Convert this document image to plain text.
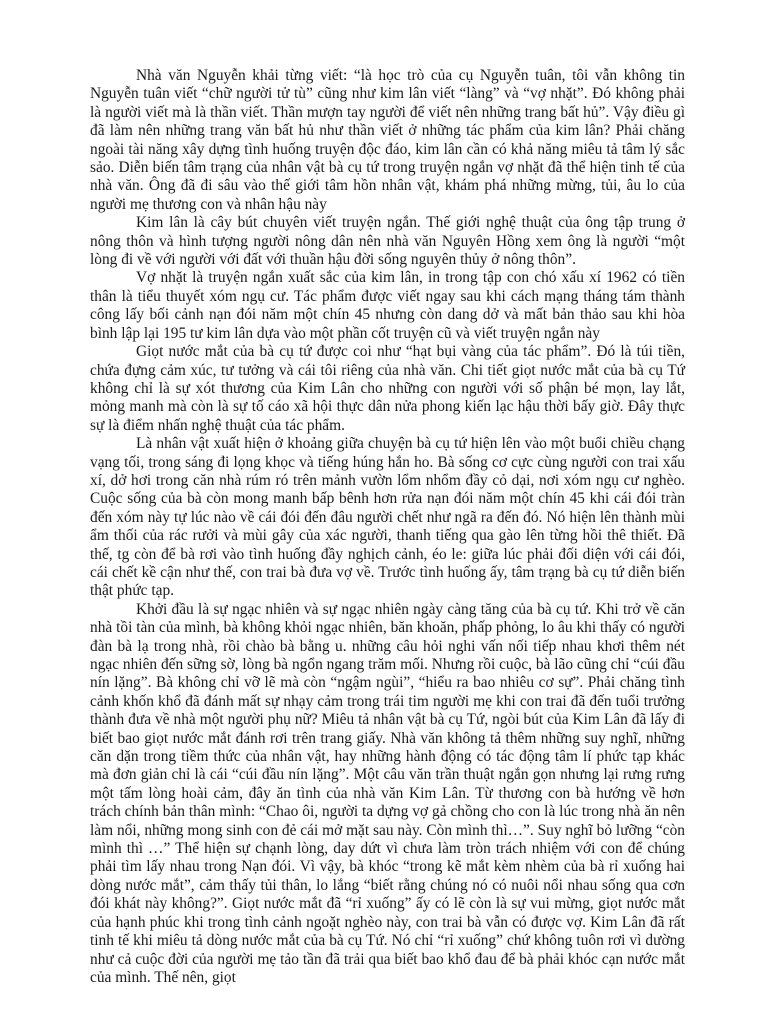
Nhà văn Nguyễn khải từng viết: “là học trò của cụ Nguyễn tuân, tôi vẫn không tin Nguyễn tuân viết “chữ người tử tù” cũng như kim lân viết “làng” và “vợ nhặt”. Đó không phải là người viết mà là thần viết. Thần mượn tay người để viết nên những trang bất hủ”. Vậy điều gì đã làm nên những trang văn bất hủ như thần viết ở những tác phẩm của kim lân? Phải chăng ngoài tài năng xây dựng tình huống truyện độc đáo, kim lân cần có khả năng miêu tả tâm lý sắc sảo. Diễn biến tâm trạng của nhân vật bà cụ tứ trong truyện ngắn vợ nhặt đã thể hiện tinh tế của nhà văn. Ông đã đi sâu vào thế giới tâm hồn nhân vật, khám phá những mừng, tủi, âu lo của người mẹ thương con và nhân hậu này

Kim lân là cây bút chuyên viết truyện ngắn. Thế giới nghệ thuật của ông tập trung ở nông thôn và hình tượng người nông dân nên nhà văn Nguyên Hồng xem ông là người “một lòng đi về với người với đất với thuần hậu đời sống nguyên thủy ở nông thôn”.

Vợ nhặt là truyện ngắn xuất sắc của kim lân, in trong tập con chó xấu xí 1962 có tiền thân là tiểu thuyết xóm ngụ cư. Tác phẩm được viết ngay sau khi cách mạng tháng tám thành công lấy bối cảnh nạn đói năm một chín 45 nhưng còn dang dở và mất bản thảo sau khi hòa bình lập lại 195 tư kim lân dựa vào một phần cốt truyện cũ và viết truyện ngắn này

Giọt nước mắt của bà cụ tứ được coi như “hạt bụi vàng của tác phẩm”. Đó là túi tiền, chứa đựng cảm xúc, tư tưởng và cái tôi riêng của nhà văn. Chi tiết giọt nước mắt của bà cụ Tứ không chỉ là sự xót thương của Kim Lân cho những con người với số phận bé mọn, lay lắt, mỏng manh mà còn là sự tố cáo xã hội thực dân nửa phong kiến lạc hậu thời bấy giờ. Đây thực sự là điểm nhấn nghệ thuật của tác phẩm.

Là nhân vật xuất hiện ở khoảng giữa chuyện bà cụ tứ hiện lên vào một buổi chiều chạng vạng tối, trong sáng đi lọng khọc và tiếng húng hắn ho. Bà sống cơ cực cùng người con trai xấu xí, dở hơi trong căn nhà rúm ró trên mảnh vườn lổm nhổm đầy cỏ dại, nơi xóm ngụ cư nghèo. Cuộc sống của bà còn mong manh bấp bênh hơn rửa nạn đói năm một chín 45 khi cái đói tràn đến xóm này tự lúc nào về cái đói đến đâu người chết như ngã ra đến đó. Nó hiện lên thành mùi ẩm thối của rác rưởi và mùi gây của xác người, thanh tiếng qua gào lên từng hồi thê thiết. Đã thế, tg còn để bà rơi vào tình huống đầy nghịch cảnh, éo le: giữa lúc phải đối diện với cái đói, cái chết kề cận như thế, con trai bà đưa vợ về. Trước tình huống ấy, tâm trạng bà cụ tứ diễn biến thật phức tạp.

Khởi đầu là sự ngạc nhiên và sự ngạc nhiên ngày càng tăng của bà cụ tứ. Khi trở về căn nhà tồi tàn của mình, bà không khỏi ngạc nhiên, băn khoăn, phấp phỏng, lo âu khi thấy có người đàn bà lạ trong nhà, rồi chào bà bằng u. những câu hỏi nghi vấn nối tiếp nhau khơi thêm nét ngạc nhiên đến sững sờ, lòng bà ngổn ngang trăm mối. Nhưng rồi cuộc, bà lão cũng chỉ “cúi đầu nín lặng”. Bà không chỉ vỡ lẽ mà còn “ngậm ngùi”, “hiểu ra bao nhiêu cơ sự”. Phải chăng tình cảnh khốn khổ đã đánh mất sự nhạy cảm trong trái tim người mẹ khi con trai đã đến tuổi trưởng thành đưa về nhà một người phụ nữ? Miêu tả nhân vật bà cụ Tứ, ngòi bút của Kim Lân đã lấy đi biết bao giọt nước mắt đánh rơi trên trang giấy. Nhà văn không tả thêm những suy nghĩ, những căn dặn trong tiềm thức của nhân vật, hay những hành động có tác động tâm lí phức tạp khác mà đơn giản chỉ là cái “cúi đầu nín lặng”. Một câu văn trần thuật ngắn gọn nhưng lại rưng rưng một tấm lòng hoài cảm, đây ăn tình của nhà văn Kim Lân. Từ thương con bà hướng về hơn trách chính bản thân mình: “Chao ôi, người ta dựng vợ gả chồng cho con là lúc trong nhà ăn nên làm nổi, những mong sinh con đẻ cái mở mặt sau này. Còn mình thì…”. Suy nghĩ bỏ lưỡng “còn mình thì …” Thể hiện sự chạnh lòng, day dứt vì chưa làm tròn trách nhiệm với con để chúng phải tìm lấy nhau trong Nạn đói. Vì vậy, bà khóc “trong kẽ mắt kèm nhèm của bà rỉ xuống hai dòng nước mắt”, cảm thấy tủi thân, lo lắng “biết rằng chúng nó có nuôi nổi nhau sống qua cơn đói khát này không?”. Giọt nước mắt đã “rỉ xuống” ấy có lẽ còn là sự vui mừng, giọt nước mắt của hạnh phúc khi trong tình cảnh ngoặt nghèo này, con trai bà vẫn có được vợ. Kim Lân đã rất tinh tế khi miêu tả dòng nước mắt của bà cụ Tứ. Nó chỉ “rỉ xuống” chứ không tuôn rơi vì dường như cả cuộc đời của người mẹ tảo tần đã trải qua biết bao khổ đau để bà phải khóc cạn nước mắt của mình. Thế nên, giọt
